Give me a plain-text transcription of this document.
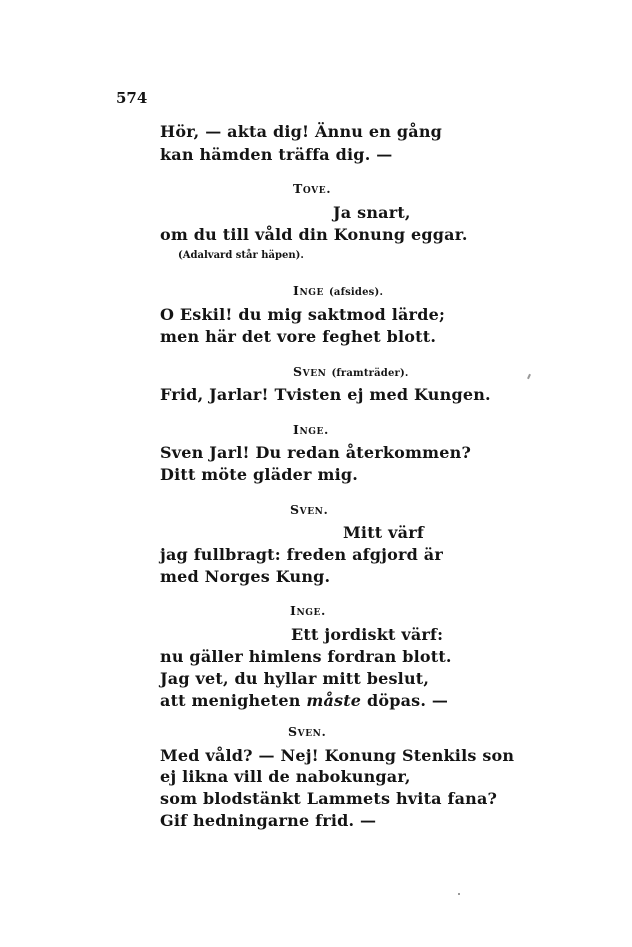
574
Hör, — akta dig! Ännu en gång
kan hämden träffa dig. —
Tove.
Ja snart,
om du till våld din Konung eggar.
(Adalvard står häpen).
Inge (afsides).
O Eskil! du mig saktmod lärde;
men här det vore feghet blott.
Sven (framträder).
Frid, Jarlar! Tvisten ej med Kungen.
Inge.
Sven Jarl! Du redan återkommen?
Ditt möte gläder mig.
Sven.
Mitt värf
jag fullbragt: freden afgjord är
med Norges Kung.
Inge.
Ett jordiskt värf:
nu gäller himlens fordran blott.
Jag vet, du hyllar mitt beslut,
att menigheten måste döpas. —
Sven.
Med våld? — Nej! Konung Stenkils son
ej likna vill de nabokungar,
som blodstänkt Lammets hvita fana?
Gif hedningarne frid. —
